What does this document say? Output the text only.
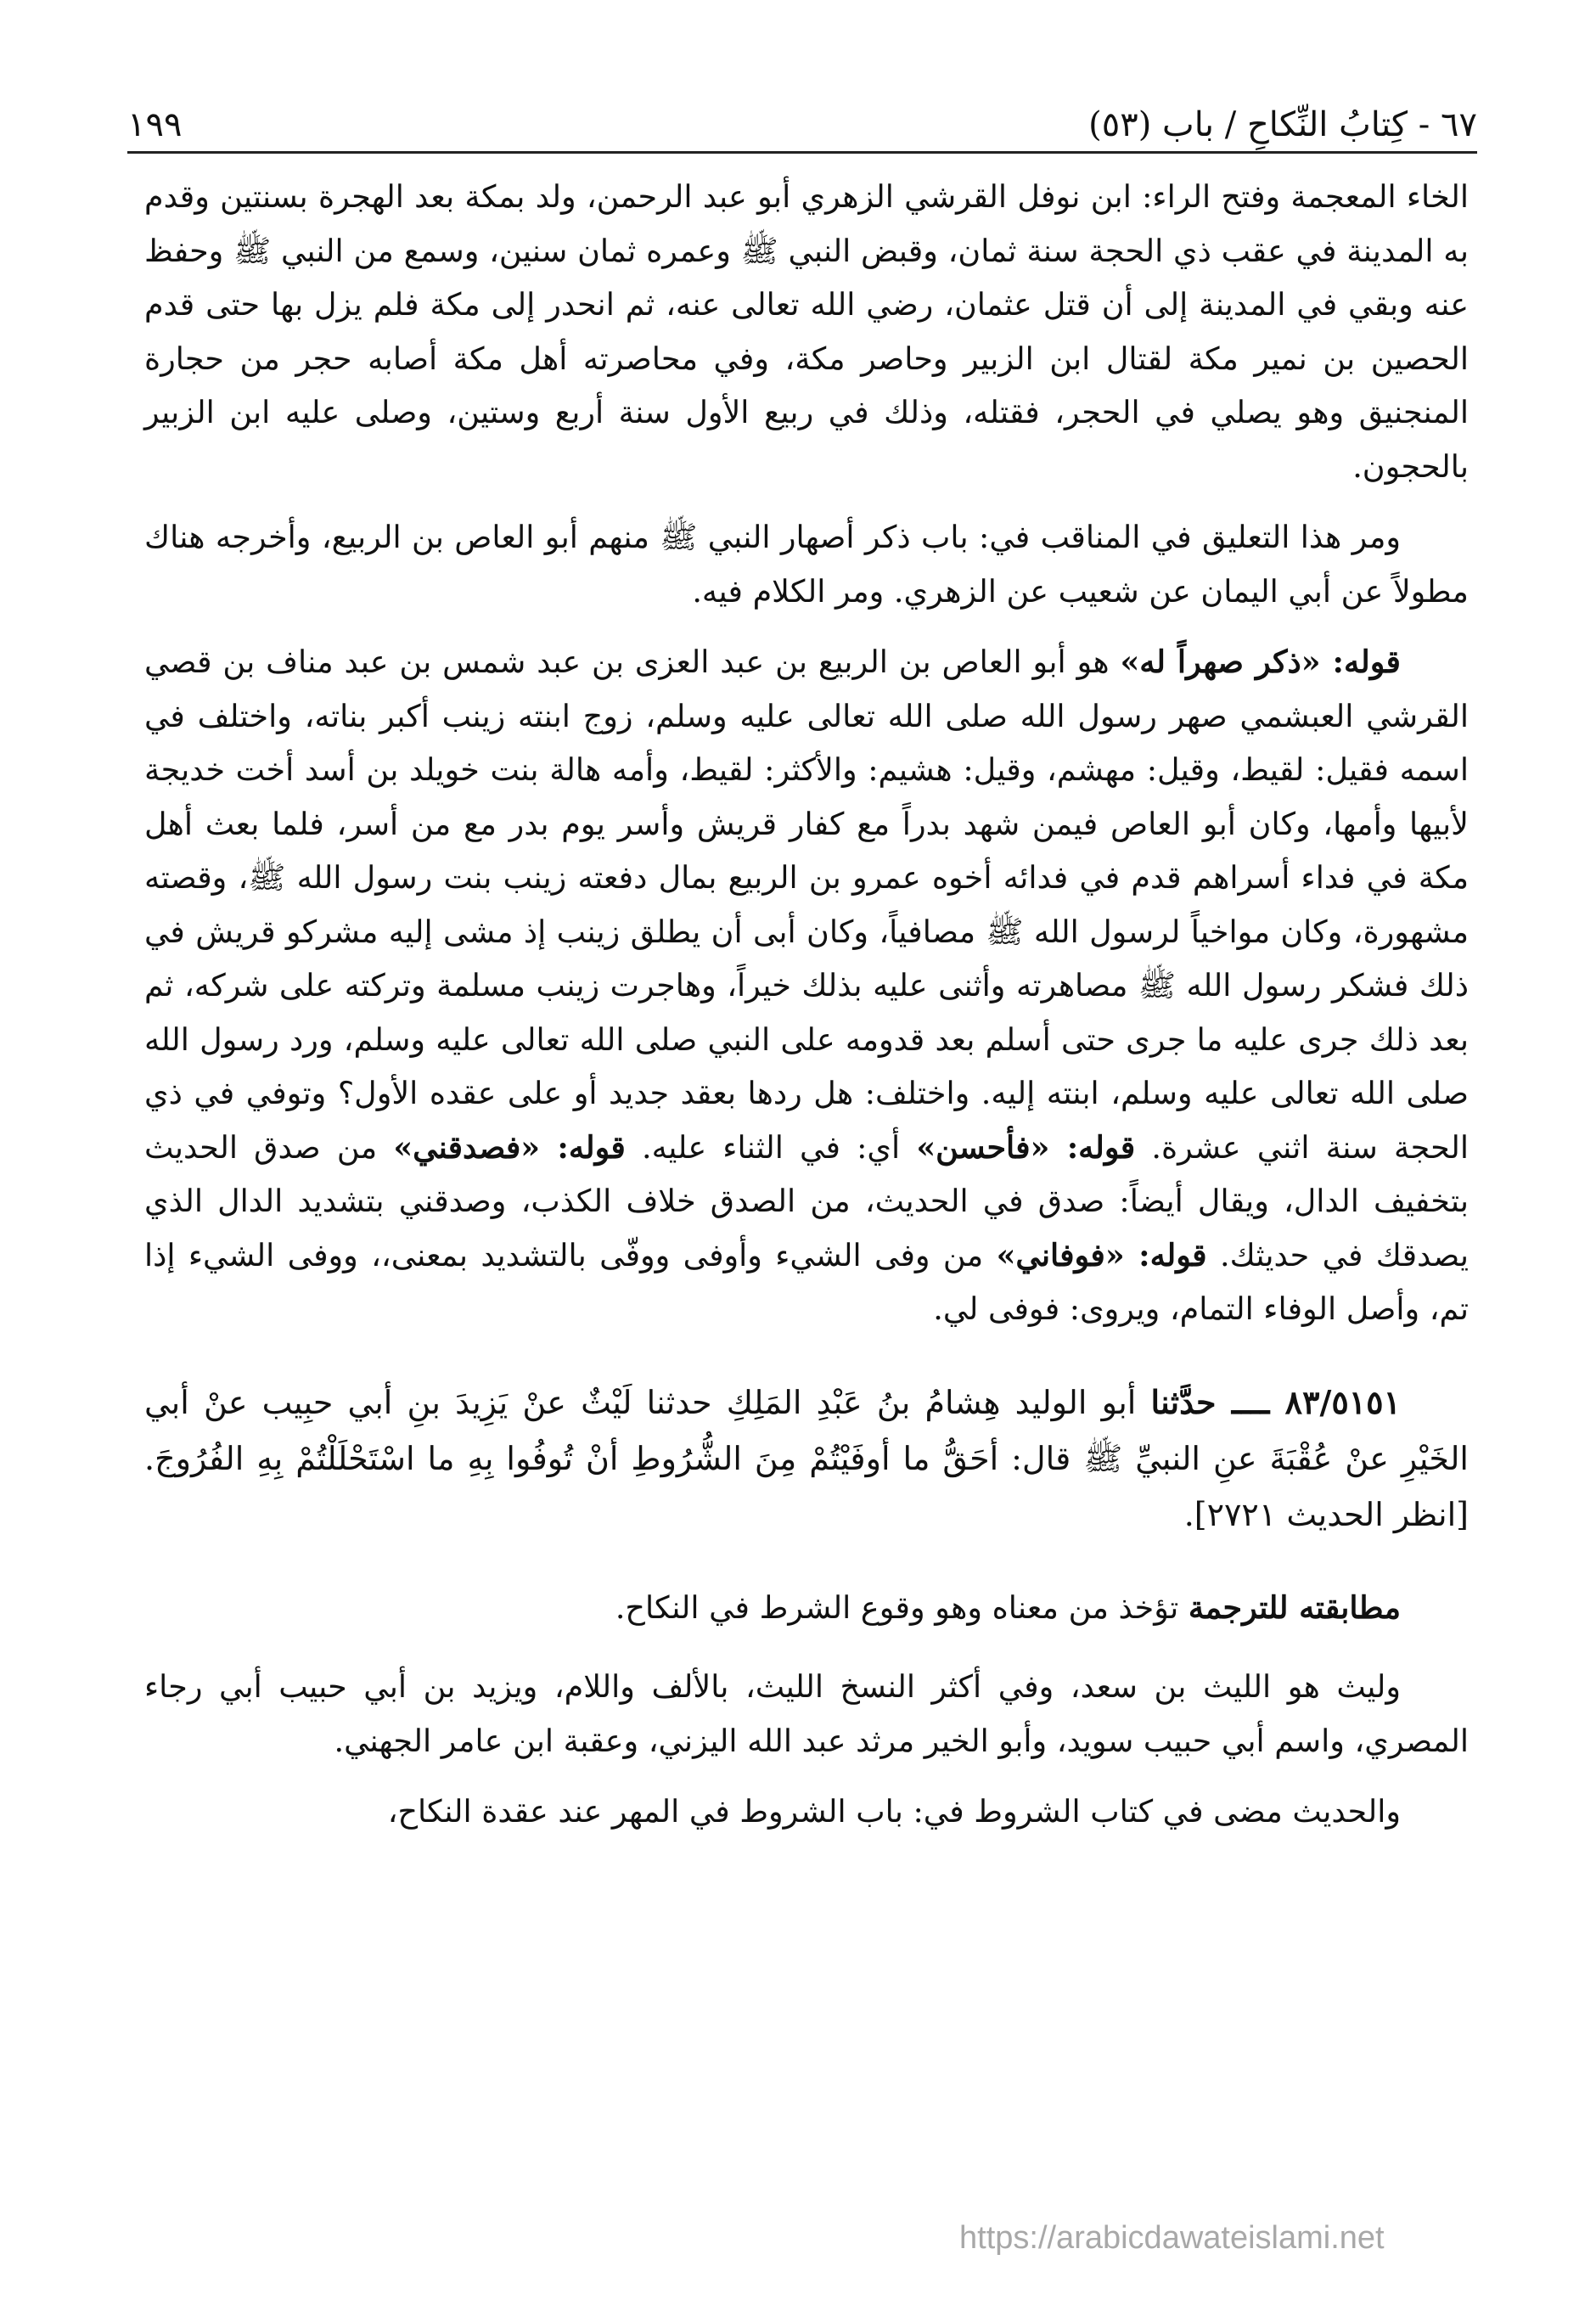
٦٧ - كِتابُ النِّكاحِ / باب (٥٣)
١٩٩

الخاء المعجمة وفتح الراء: ابن نوفل القرشي الزهري أبو عبد الرحمن، ولد بمكة بعد الهجرة بسنتين وقدم به المدينة في عقب ذي الحجة سنة ثمان، وقبض النبي ﷺ وعمره ثمان سنين، وسمع من النبي ﷺ وحفظ عنه وبقي في المدينة إلى أن قتل عثمان، رضي الله تعالى عنه، ثم انحدر إلى مكة فلم يزل بها حتى قدم الحصين بن نمير مكة لقتال ابن الزبير وحاصر مكة، وفي محاصرته أهل مكة أصابه حجر من حجارة المنجنيق وهو يصلي في الحجر، فقتله، وذلك في ربيع الأول سنة أربع وستين، وصلى عليه ابن الزبير بالحجون.

ومر هذا التعليق في المناقب في: باب ذكر أصهار النبي ﷺ منهم أبو العاص بن الربيع، وأخرجه هناك مطولاً عن أبي اليمان عن شعيب عن الزهري. ومر الكلام فيه.

قوله: «ذكر صهراً له» هو أبو العاص بن الربيع بن عبد العزى بن عبد شمس بن عبد مناف بن قصي القرشي العبشمي صهر رسول الله صلى الله تعالى عليه وسلم، زوج ابنته زينب أكبر بناته، واختلف في اسمه فقيل: لقيط، وقيل: مهشم، وقيل: هشيم: والأكثر: لقيط، وأمه هالة بنت خويلد بن أسد أخت خديجة لأبيها وأمها، وكان أبو العاص فيمن شهد بدراً مع كفار قريش وأسر يوم بدر مع من أسر، فلما بعث أهل مكة في فداء أسراهم قدم في فدائه أخوه عمرو بن الربيع بمال دفعته زينب بنت رسول الله ﷺ، وقصته مشهورة، وكان مواخياً لرسول الله ﷺ مصافياً، وكان أبى أن يطلق زينب إذ مشى إليه مشركو قريش في ذلك فشكر رسول الله ﷺ مصاهرته وأثنى عليه بذلك خيراً، وهاجرت زينب مسلمة وتركته على شركه، ثم بعد ذلك جرى عليه ما جرى حتى أسلم بعد قدومه على النبي صلى الله تعالى عليه وسلم، ورد رسول الله صلى الله تعالى عليه وسلم، ابنته إليه. واختلف: هل ردها بعقد جديد أو على عقده الأول؟ وتوفي في ذي الحجة سنة اثني عشرة. قوله: «فأحسن» أي: في الثناء عليه. قوله: «فصدقني» من صدق الحديث بتخفيف الدال، ويقال أيضاً: صدق في الحديث، من الصدق خلاف الكذب، وصدقني بتشديد الدال الذي يصدقك في حديثك. قوله: «فوفاني» من وفى الشيء وأوفى ووفّى بالتشديد بمعنى،، ووفى الشيء إذا تم، وأصل الوفاء التمام، ويروى: فوفى لي.

٨٣/٥١٥١ ــــ حدَّثنا أبو الوليد هِشامُ بنُ عَبْدِ المَلِكِ حدثنا لَيْثٌ عنْ يَزِيدَ بنِ أبي حبِيب عنْ أبي الخَيْرِ عنْ عُقْبَةَ عنِ النبيِّ ﷺ قال: أحَقُّ ما أوفَيْتُمْ مِنَ الشُّرُوطِ أنْ تُوفُوا بِهِ ما اسْتَحْلَلْتُمْ بِهِ الفُرُوجَ. [انظر الحديث ٢٧٢١].

مطابقته للترجمة تؤخذ من معناه وهو وقوع الشرط في النكاح.

وليث هو الليث بن سعد، وفي أكثر النسخ الليث، بالألف واللام، ويزيد بن أبي حبيب أبي رجاء المصري، واسم أبي حبيب سويد، وأبو الخير مرثد عبد الله اليزني، وعقبة ابن عامر الجهني.

والحديث مضى في كتاب الشروط في: باب الشروط في المهر عند عقدة النكاح،

https://arabicdawateislami.net
